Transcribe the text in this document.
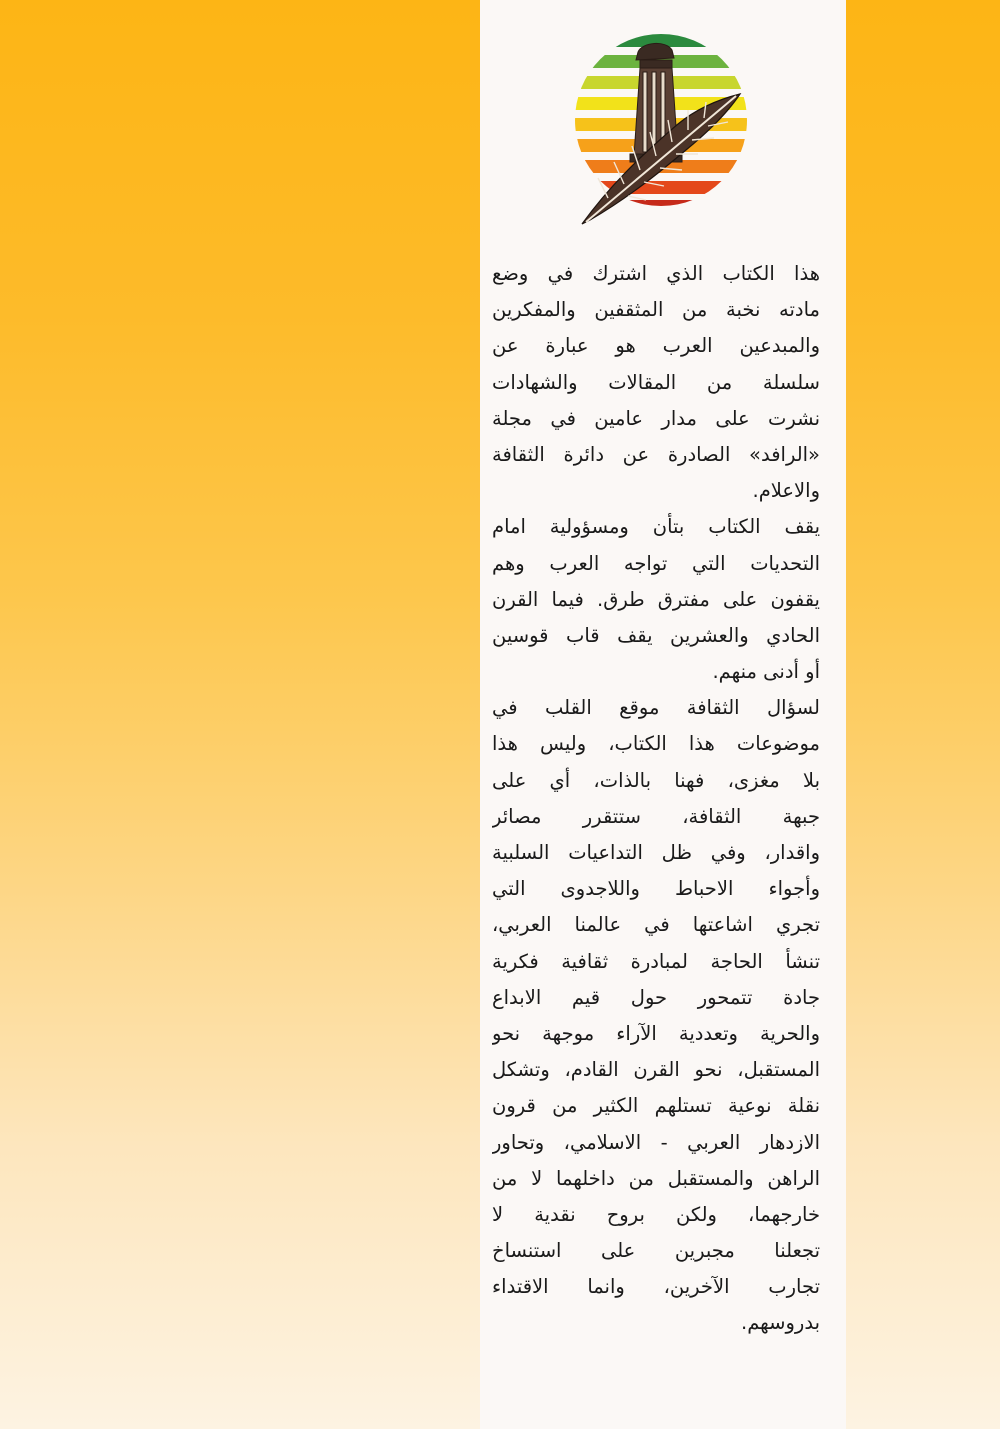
هذا الكتاب الذي اشترك في وضع
مادته نخبة من المثقفين والمفكرين
والمبدعين العرب هو عبارة عن
سلسلة من المقالات والشهادات
نشرت على مدار عامين في مجلة
«الرافد» الصادرة عن دائرة الثقافة
والاعلام.
يقف الكتاب بتأن ومسؤولية امام
التحديات التي تواجه العرب وهم
يقفون على مفترق طرق. فيما القرن
الحادي والعشرين يقف قاب قوسين
أو أدنى منهم.
لسؤال الثقافة موقع القلب في
موضوعات هذا الكتاب، وليس هذا
بلا مغزى، فهنا بالذات، أي على
جبهة الثقافة، ستتقرر مصائر
واقدار، وفي ظل التداعيات السلبية
وأجواء الاحباط واللاجدوى التي
تجري اشاعتها في عالمنا العربي،
تنشأ الحاجة لمبادرة ثقافية فكرية
جادة تتمحور حول قيم الابداع
والحرية وتعددية الآراء موجهة نحو
المستقبل، نحو القرن القادم، وتشكل
نقلة نوعية تستلهم الكثير من قرون
الازدهار العربي - الاسلامي، وتحاور
الراهن والمستقبل من داخلهما لا من
خارجهما، ولكن بروح نقدية لا
تجعلنا مجبرين على استنساخ
تجارب الآخرين، وانما الاقتداء
بدروسهم.
